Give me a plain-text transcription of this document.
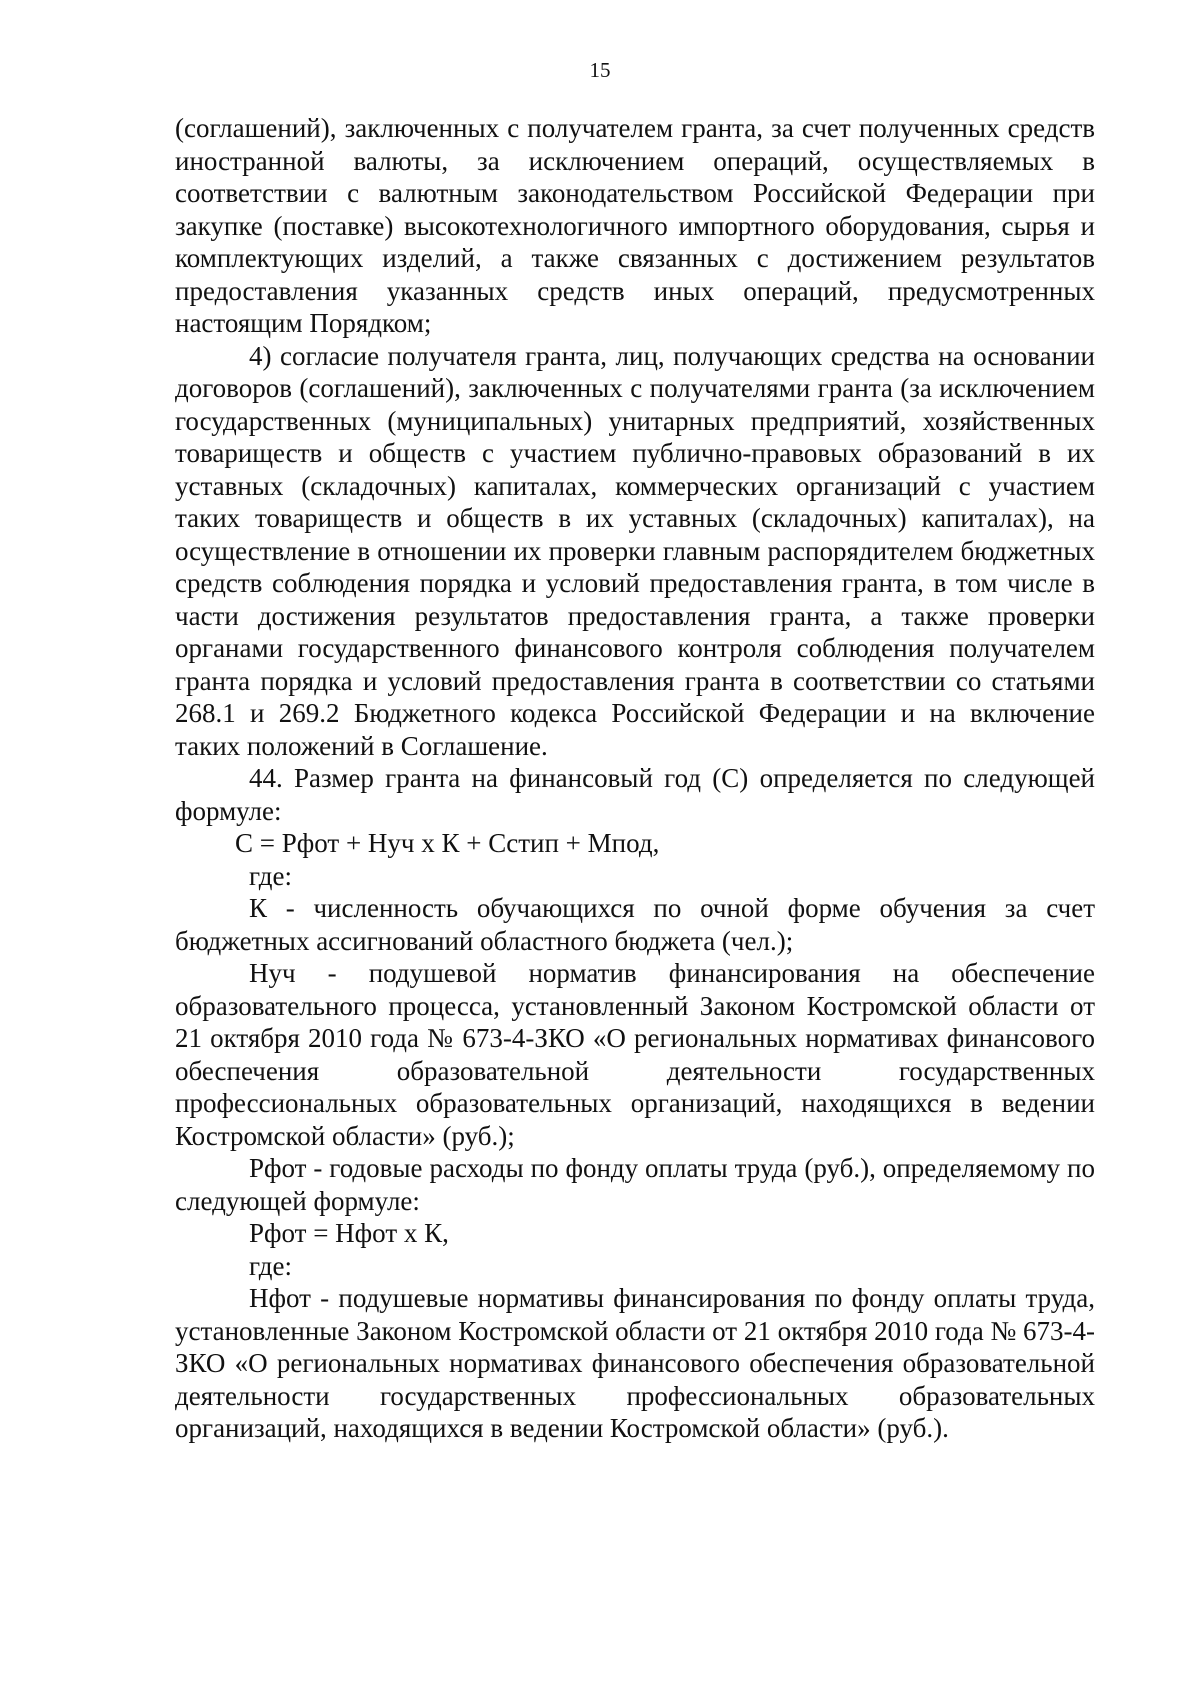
15

(соглашений), заключенных с получателем гранта, за счет полученных средств иностранной валюты, за исключением операций, осуществляемых в соответствии с валютным законодательством Российской Федерации при закупке (поставке) высокотехнологичного импортного оборудования, сырья и комплектующих изделий, а также связанных с достижением результатов предоставления указанных средств иных операций, предусмотренных настоящим Порядком;

4) согласие получателя гранта, лиц, получающих средства на основании договоров (соглашений), заключенных с получателями гранта (за исключением государственных (муниципальных) унитарных предприятий, хозяйственных товариществ и обществ с участием публично-правовых образований в их уставных (складочных) капиталах, коммерческих организаций с участием таких товариществ и обществ в их уставных (складочных) капиталах), на осуществление в отношении их проверки главным распорядителем бюджетных средств соблюдения порядка и условий предоставления гранта, в том числе в части достижения результатов предоставления гранта, а также проверки органами государственного финансового контроля соблюдения получателем гранта порядка и условий предоставления гранта в соответствии со статьями 268.1 и 269.2 Бюджетного кодекса Российской Федерации и на включение таких положений в Соглашение.

44. Размер гранта на финансовый год (С) определяется по следующей формуле:

С = Рфот + Нуч х К + Cстип + Мпод,

где:

К - численность обучающихся по очной форме обучения за счет бюджетных ассигнований областного бюджета (чел.);

Нуч - подушевой норматив финансирования на обеспечение образовательного процесса, установленный Законом Костромской области от 21 октября 2010 года № 673-4-ЗКО «О региональных нормативах финансового обеспечения образовательной деятельности государственных профессиональных образовательных организаций, находящихся в ведении Костромской области» (руб.);

Рфот - годовые расходы по фонду оплаты труда (руб.), определяемому по следующей формуле:

Рфот = Нфот х К,

где:

Нфот - подушевые нормативы финансирования по фонду оплаты труда, установленные Законом Костромской области от 21 октября 2010 года № 673-4-ЗКО «О региональных нормативах финансового обеспечения образовательной деятельности государственных профессиональных образовательных организаций, находящихся в ведении Костромской области» (руб.).
